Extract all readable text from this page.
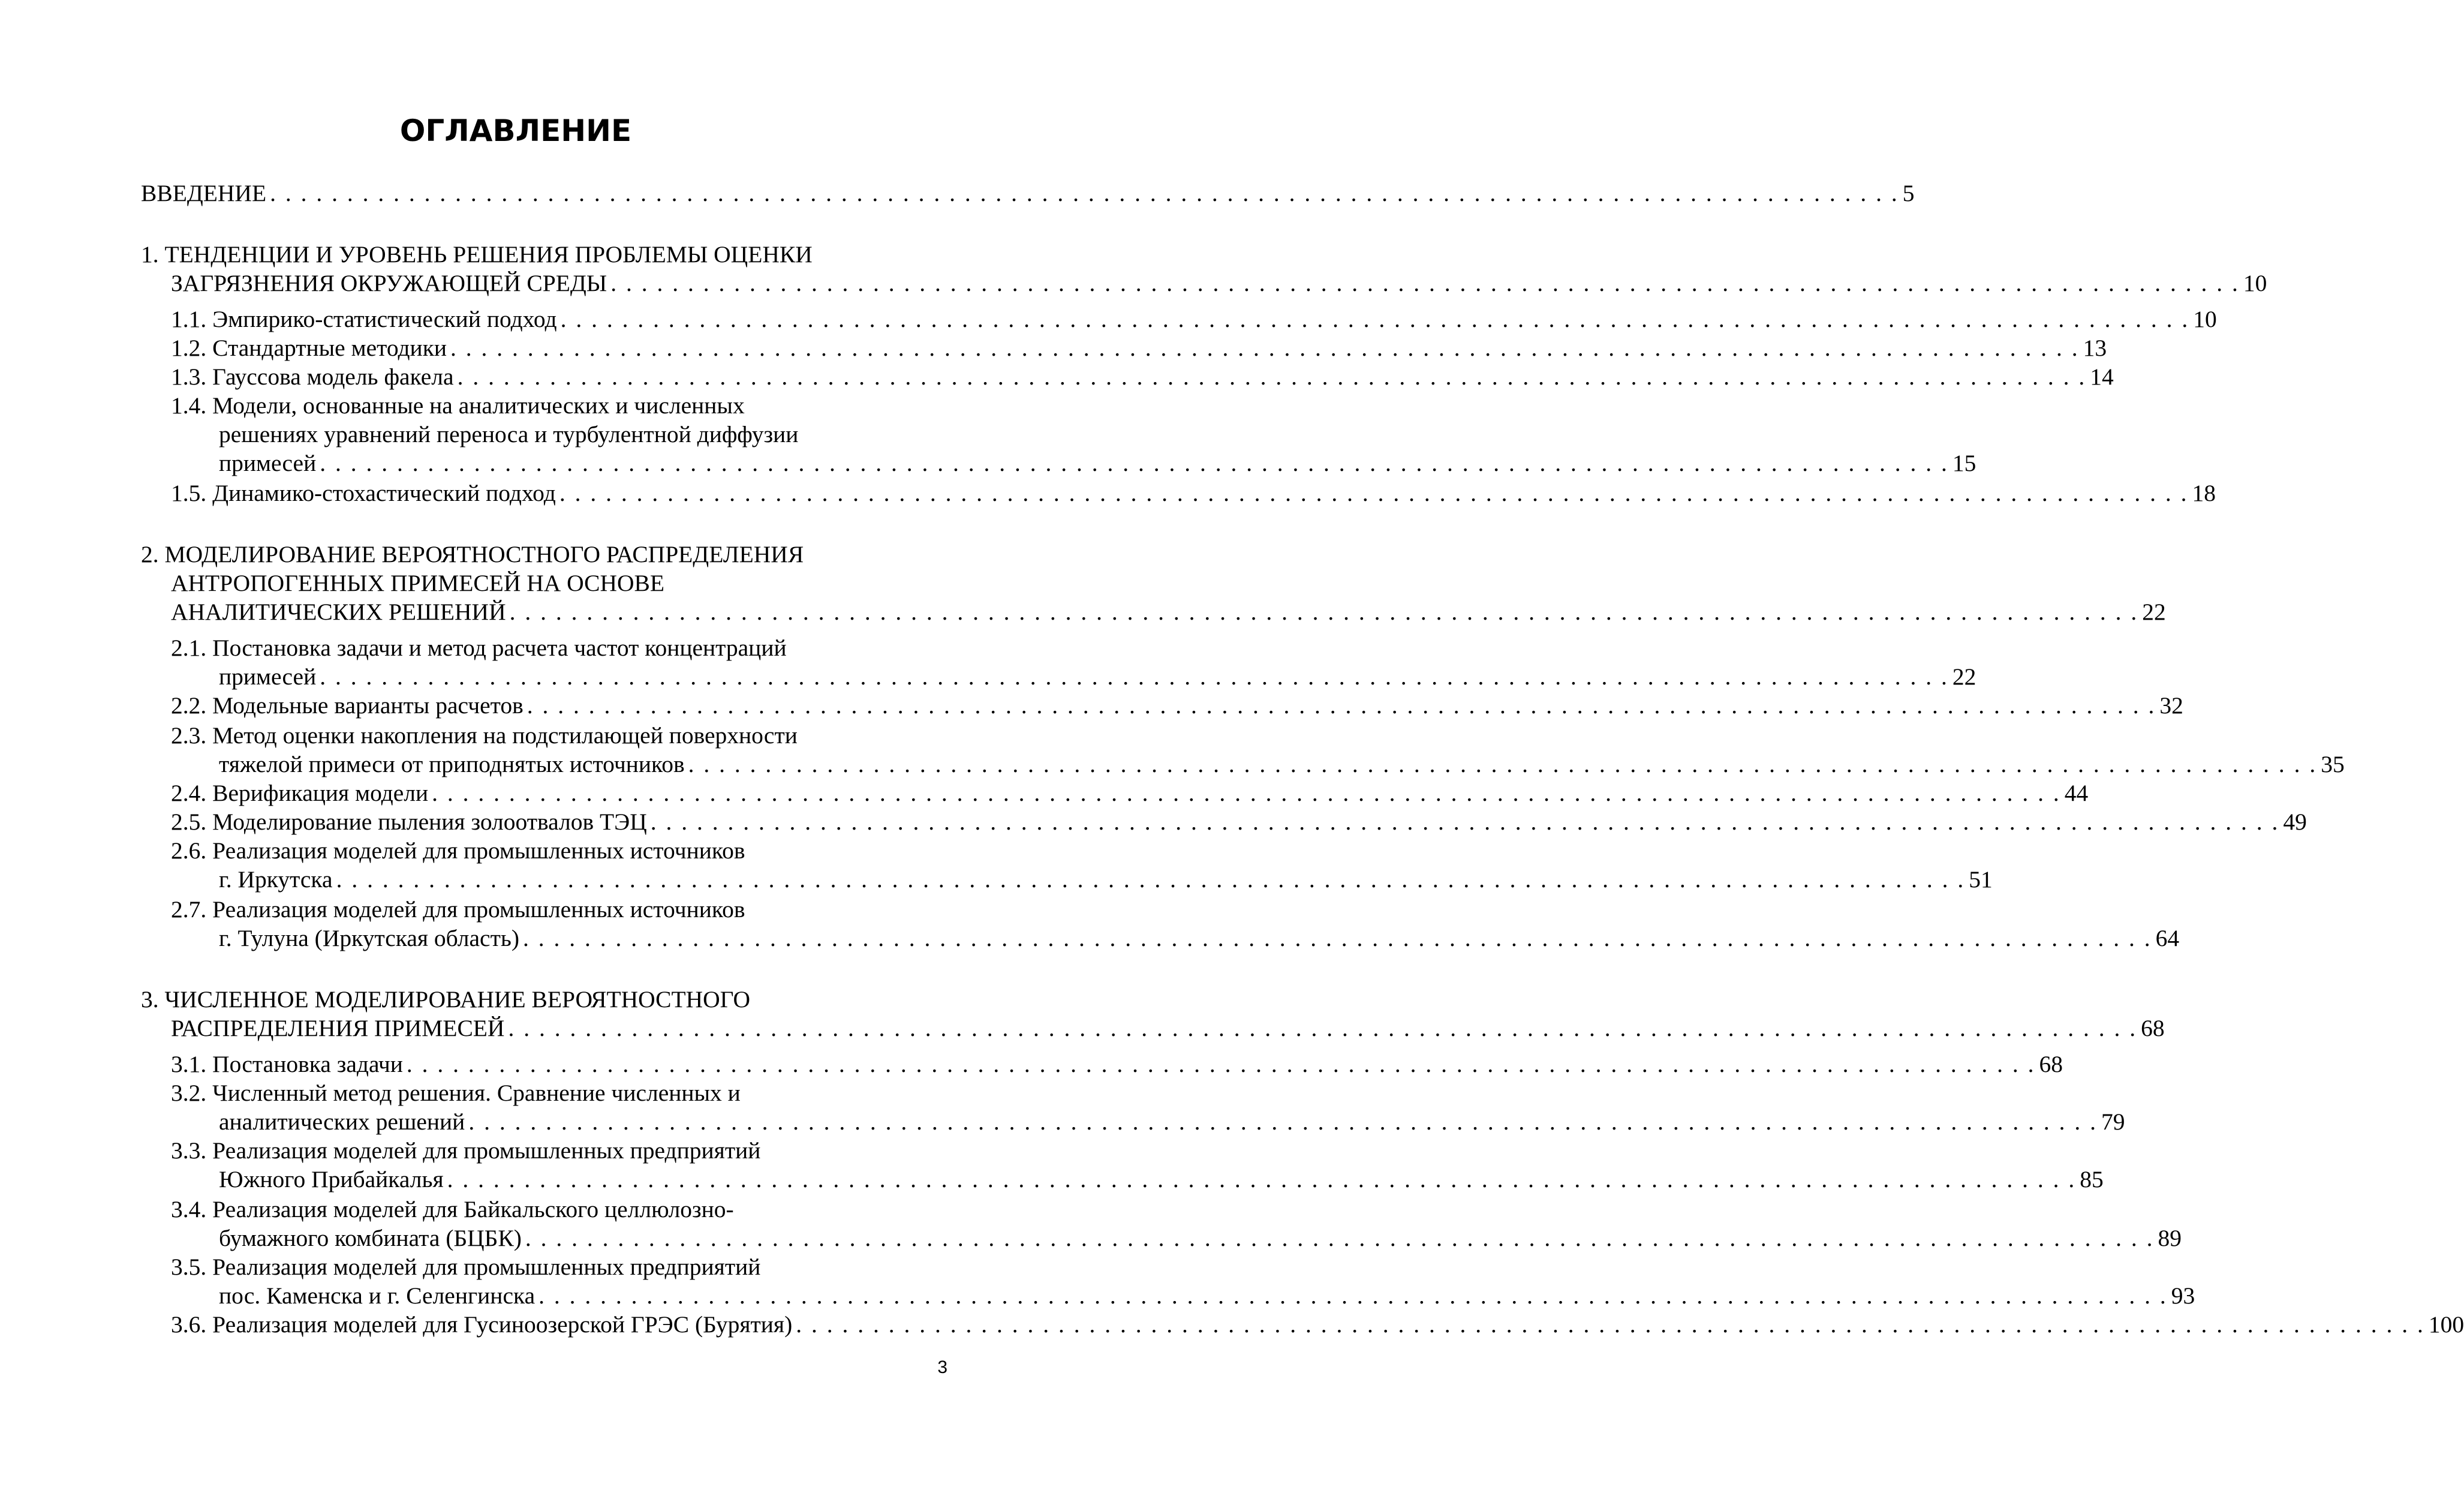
ОГЛАВЛЕНИЕ
ВВЕДЕНИЕ . . . . . . . . . . . . . . . . . . . . . . . . . . . . . . . . . . . . . . . . . . . . . . . . . . . . . . . . . . . . . . . . . . . . . . . . . . . . . . . . . . . . . . . . . . . . . . . . . . . . . . . . . . 5
1. ТЕНДЕНЦИИ И УРОВЕНЬ РЕШЕНИЯ ПРОБЛЕМЫ ОЦЕНКИ
ЗАГРЯЗНЕНИЯ ОКРУЖАЮЩЕЙ СРЕДЫ . . . . . . . . . . . . . . . . . . . . . . . . . . . . . . . . . . . . . . . . . . . . . . . . . . . . . . . . . . . . . . . . . . . . . . . . . . . . . . . . . . . . . . . . . . . . . . . . . . . . . . . . . . 10
1.1. Эмпирико-статистический подход . . . . . . . . . . . . . . . . . . . . . . . . . . . . . . . . . . . . . . . . . . . . . . . . . . . . . . . . . . . . . . . . . . . . . . . . . . . . . . . . . . . . . . . . . . . . . . . . . . . . . . . . . . 10
1.2. Стандартные методики . . . . . . . . . . . . . . . . . . . . . . . . . . . . . . . . . . . . . . . . . . . . . . . . . . . . . . . . . . . . . . . . . . . . . . . . . . . . . . . . . . . . . . . . . . . . . . . . . . . . . . . . . . 13
1.3. Гауссова модель факела . . . . . . . . . . . . . . . . . . . . . . . . . . . . . . . . . . . . . . . . . . . . . . . . . . . . . . . . . . . . . . . . . . . . . . . . . . . . . . . . . . . . . . . . . . . . . . . . . . . . . . . . . . 14
1.4. Модели, основанные на аналитических и численных
решениях уравнений переноса и турбулентной диффузии
примесей . . . . . . . . . . . . . . . . . . . . . . . . . . . . . . . . . . . . . . . . . . . . . . . . . . . . . . . . . . . . . . . . . . . . . . . . . . . . . . . . . . . . . . . . . . . . . . . . . . . . . . . . . . 15
1.5. Динамико-стохастический подход . . . . . . . . . . . . . . . . . . . . . . . . . . . . . . . . . . . . . . . . . . . . . . . . . . . . . . . . . . . . . . . . . . . . . . . . . . . . . . . . . . . . . . . . . . . . . . . . . . . . . . . . . . 18
2. МОДЕЛИРОВАНИЕ ВЕРОЯТНОСТНОГО РАСПРЕДЕЛЕНИЯ
АНТРОПОГЕННЫХ ПРИМЕСЕЙ НА ОСНОВЕ
АНАЛИТИЧЕСКИХ РЕШЕНИЙ . . . . . . . . . . . . . . . . . . . . . . . . . . . . . . . . . . . . . . . . . . . . . . . . . . . . . . . . . . . . . . . . . . . . . . . . . . . . . . . . . . . . . . . . . . . . . . . . . . . . . . . . . . 22
2.1. Постановка задачи и метод расчета частот концентраций
примесей . . . . . . . . . . . . . . . . . . . . . . . . . . . . . . . . . . . . . . . . . . . . . . . . . . . . . . . . . . . . . . . . . . . . . . . . . . . . . . . . . . . . . . . . . . . . . . . . . . . . . . . . . . 22
2.2. Модельные варианты расчетов . . . . . . . . . . . . . . . . . . . . . . . . . . . . . . . . . . . . . . . . . . . . . . . . . . . . . . . . . . . . . . . . . . . . . . . . . . . . . . . . . . . . . . . . . . . . . . . . . . . . . . . . . . 32
2.3. Метод оценки накопления на подстилающей поверхности
тяжелой примеси от приподнятых источников . . . . . . . . . . . . . . . . . . . . . . . . . . . . . . . . . . . . . . . . . . . . . . . . . . . . . . . . . . . . . . . . . . . . . . . . . . . . . . . . . . . . . . . . . . . . . . . . . . . . . . . . . . 35
2.4. Верификация модели . . . . . . . . . . . . . . . . . . . . . . . . . . . . . . . . . . . . . . . . . . . . . . . . . . . . . . . . . . . . . . . . . . . . . . . . . . . . . . . . . . . . . . . . . . . . . . . . . . . . . . . . . . 44
2.5. Моделирование пыления золоотвалов ТЭЦ . . . . . . . . . . . . . . . . . . . . . . . . . . . . . . . . . . . . . . . . . . . . . . . . . . . . . . . . . . . . . . . . . . . . . . . . . . . . . . . . . . . . . . . . . . . . . . . . . . . . . . . . . . 49
2.6. Реализация моделей для промышленных источников
г. Иркутска . . . . . . . . . . . . . . . . . . . . . . . . . . . . . . . . . . . . . . . . . . . . . . . . . . . . . . . . . . . . . . . . . . . . . . . . . . . . . . . . . . . . . . . . . . . . . . . . . . . . . . . . . . 51
2.7. Реализация моделей для промышленных источников
г. Тулуна (Иркутская область) . . . . . . . . . . . . . . . . . . . . . . . . . . . . . . . . . . . . . . . . . . . . . . . . . . . . . . . . . . . . . . . . . . . . . . . . . . . . . . . . . . . . . . . . . . . . . . . . . . . . . . . . . . 64
3. ЧИСЛЕННОЕ МОДЕЛИРОВАНИЕ ВЕРОЯТНОСТНОГО
РАСПРЕДЕЛЕНИЯ ПРИМЕСЕЙ . . . . . . . . . . . . . . . . . . . . . . . . . . . . . . . . . . . . . . . . . . . . . . . . . . . . . . . . . . . . . . . . . . . . . . . . . . . . . . . . . . . . . . . . . . . . . . . . . . . . . . . . . . 68
3.1. Постановка задачи . . . . . . . . . . . . . . . . . . . . . . . . . . . . . . . . . . . . . . . . . . . . . . . . . . . . . . . . . . . . . . . . . . . . . . . . . . . . . . . . . . . . . . . . . . . . . . . . . . . . . . . . . . 68
3.2. Численный метод решения. Сравнение численных и
аналитических решений . . . . . . . . . . . . . . . . . . . . . . . . . . . . . . . . . . . . . . . . . . . . . . . . . . . . . . . . . . . . . . . . . . . . . . . . . . . . . . . . . . . . . . . . . . . . . . . . . . . . . . . . . . 79
3.3. Реализация моделей для промышленных предприятий
Южного Прибайкалья . . . . . . . . . . . . . . . . . . . . . . . . . . . . . . . . . . . . . . . . . . . . . . . . . . . . . . . . . . . . . . . . . . . . . . . . . . . . . . . . . . . . . . . . . . . . . . . . . . . . . . . . . . 85
3.4. Реализация моделей для Байкальского целлюлозно-
бумажного комбината (БЦБК) . . . . . . . . . . . . . . . . . . . . . . . . . . . . . . . . . . . . . . . . . . . . . . . . . . . . . . . . . . . . . . . . . . . . . . . . . . . . . . . . . . . . . . . . . . . . . . . . . . . . . . . . . . 89
3.5. Реализация моделей для промышленных предприятий
пос. Каменска и г. Селенгинска . . . . . . . . . . . . . . . . . . . . . . . . . . . . . . . . . . . . . . . . . . . . . . . . . . . . . . . . . . . . . . . . . . . . . . . . . . . . . . . . . . . . . . . . . . . . . . . . . . . . . . . . . . 93
3.6. Реализация моделей для Гусиноозерской ГРЭС (Бурятия) . . . . . . . . . . . . . . . . . . . . . . . . . . . . . . . . . . . . . . . . . . . . . . . . . . . . . . . . . . . . . . . . . . . . . . . . . . . . . . . . . . . . . . . . . . . . . . . . . . . . . . . . . . 100
3
